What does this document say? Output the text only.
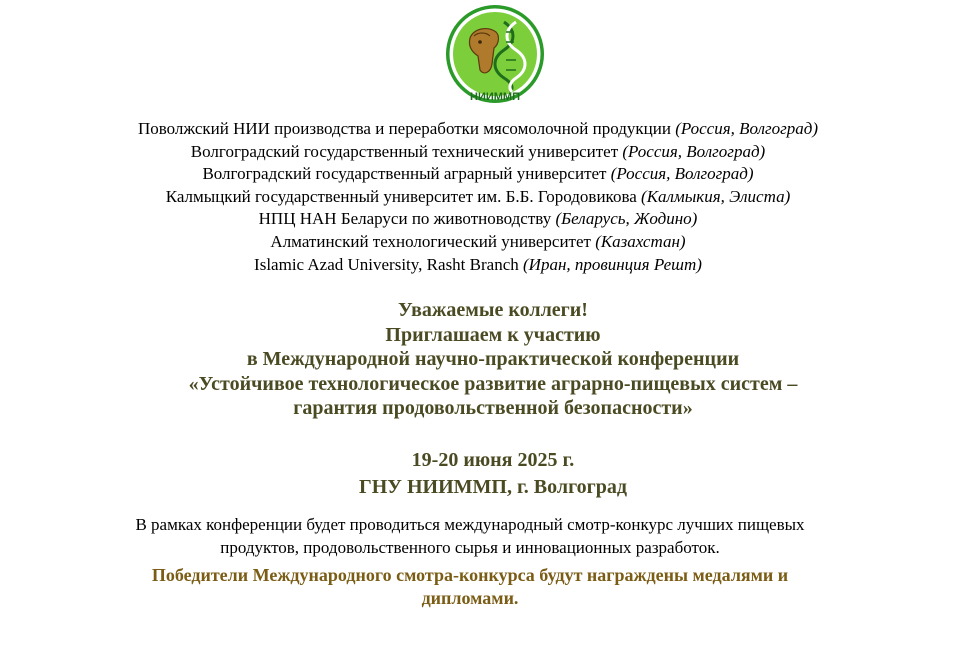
НИИММП
Поволжский НИИ производства и переработки мясомолочной продукции (Россия, Волгоград)
Волгоградский государственный технический университет (Россия, Волгоград)
Волгоградский государственный аграрный университет (Россия, Волгоград)
Калмыцкий государственный университет им. Б.Б. Городовикова (Калмыкия, Элиста)
НПЦ НАН Беларуси по животноводству (Беларусь, Жодино)
Алматинский технологический университет (Казахстан)
Islamic Azad University, Rasht Branch (Иран, провинция Решт)
Уважаемые коллеги!
Приглашаем к участию
в Международной научно-практической конференции
«Устойчивое технологическое развитие аграрно-пищевых систем –
гарантия продовольственной безопасности»
19-20 июня 2025 г.
ГНУ НИИММП, г. Волгоград
В рамках конференции будет проводиться международный смотр-конкурс лучших пищевых
продуктов, продовольственного сырья и инновационных разработок.
Победители Международного смотра-конкурса будут награждены медалями и
дипломами.
